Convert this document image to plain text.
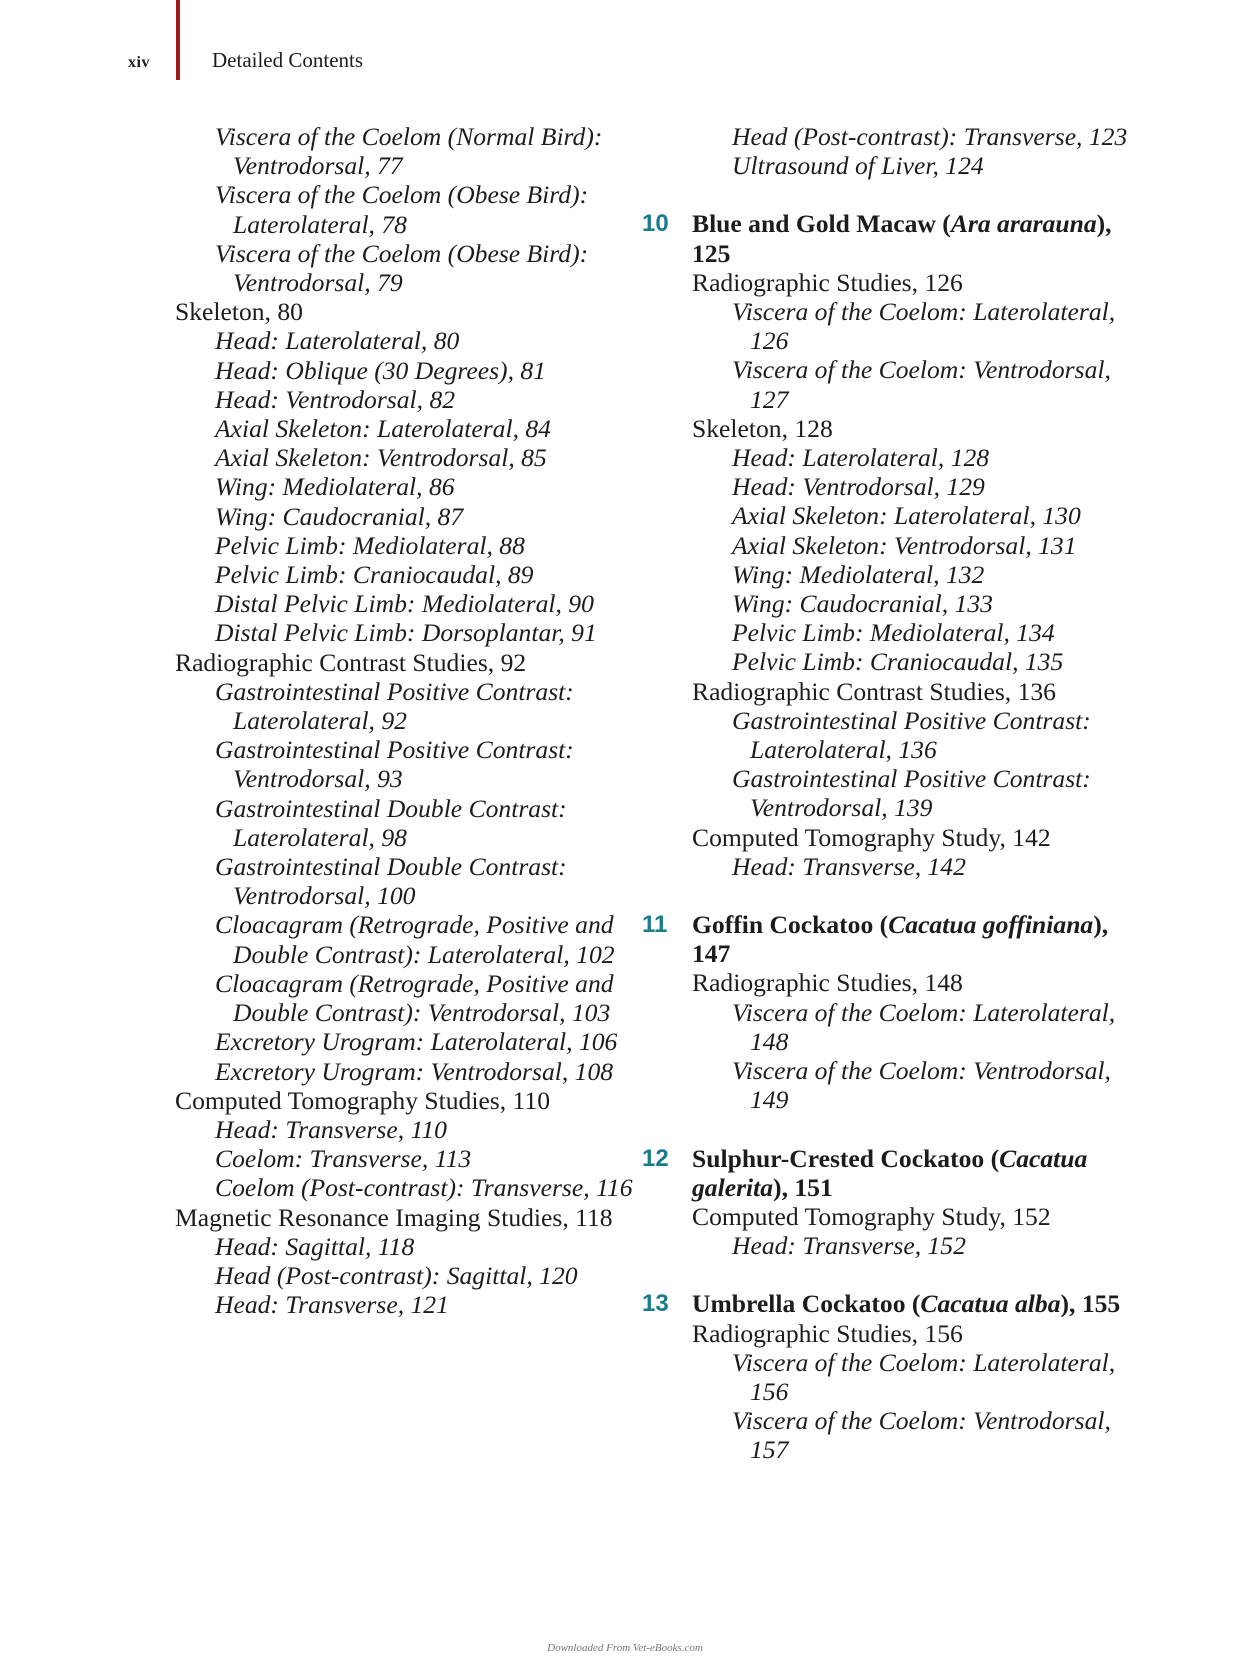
xiv	Detailed Contents
Viscera of the Coelom (Normal Bird): Ventrodorsal, 77
Viscera of the Coelom (Obese Bird): Laterolateral, 78
Viscera of the Coelom (Obese Bird): Ventrodorsal, 79
Skeleton, 80
Head: Laterolateral, 80
Head: Oblique (30 Degrees), 81
Head: Ventrodorsal, 82
Axial Skeleton: Laterolateral, 84
Axial Skeleton: Ventrodorsal, 85
Wing: Mediolateral, 86
Wing: Caudocranial, 87
Pelvic Limb: Mediolateral, 88
Pelvic Limb: Craniocaudal, 89
Distal Pelvic Limb: Mediolateral, 90
Distal Pelvic Limb: Dorsoplantar, 91
Radiographic Contrast Studies, 92
Gastrointestinal Positive Contrast: Laterolateral, 92
Gastrointestinal Positive Contrast: Ventrodorsal, 93
Gastrointestinal Double Contrast: Laterolateral, 98
Gastrointestinal Double Contrast: Ventrodorsal, 100
Cloacagram (Retrograde, Positive and Double Contrast): Laterolateral, 102
Cloacagram (Retrograde, Positive and Double Contrast): Ventrodorsal, 103
Excretory Urogram: Laterolateral, 106
Excretory Urogram: Ventrodorsal, 108
Computed Tomography Studies, 110
Head: Transverse, 110
Coelom: Transverse, 113
Coelom (Post-contrast): Transverse, 116
Magnetic Resonance Imaging Studies, 118
Head: Sagittal, 118
Head (Post-contrast): Sagittal, 120
Head: Transverse, 121
Head (Post-contrast): Transverse, 123
Ultrasound of Liver, 124
10 Blue and Gold Macaw (Ara ararauna), 125
Radiographic Studies, 126
Viscera of the Coelom: Laterolateral, 126
Viscera of the Coelom: Ventrodorsal, 127
Skeleton, 128
Head: Laterolateral, 128
Head: Ventrodorsal, 129
Axial Skeleton: Laterolateral, 130
Axial Skeleton: Ventrodorsal, 131
Wing: Mediolateral, 132
Wing: Caudocranial, 133
Pelvic Limb: Mediolateral, 134
Pelvic Limb: Craniocaudal, 135
Radiographic Contrast Studies, 136
Gastrointestinal Positive Contrast: Laterolateral, 136
Gastrointestinal Positive Contrast: Ventrodorsal, 139
Computed Tomography Study, 142
Head: Transverse, 142
11 Goffin Cockatoo (Cacatua goffiniana), 147
Radiographic Studies, 148
Viscera of the Coelom: Laterolateral, 148
Viscera of the Coelom: Ventrodorsal, 149
12 Sulphur-Crested Cockatoo (Cacatua galerita), 151
Computed Tomography Study, 152
Head: Transverse, 152
13 Umbrella Cockatoo (Cacatua alba), 155
Radiographic Studies, 156
Viscera of the Coelom: Laterolateral, 156
Viscera of the Coelom: Ventrodorsal, 157
Downloaded From Vet-eBooks.com
